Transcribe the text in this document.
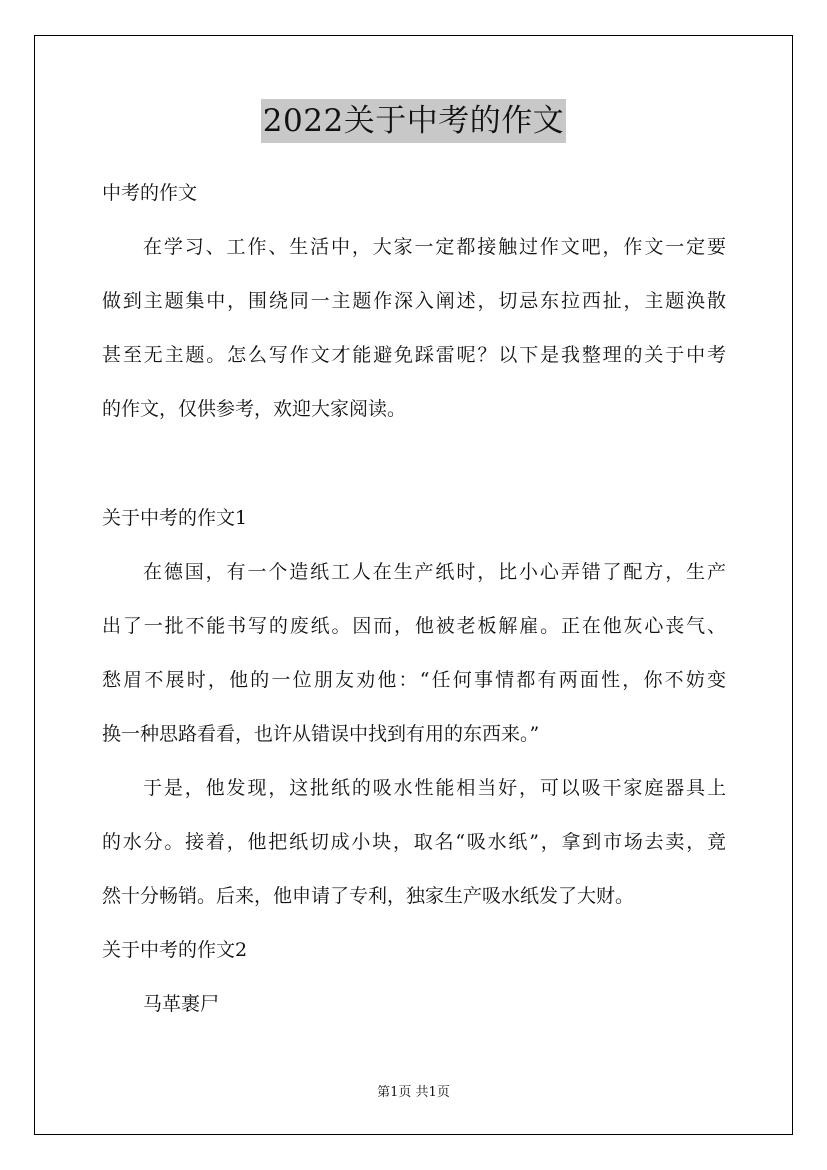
2022关于中考的作文
中考的作文
在学习、工作、生活中，大家一定都接触过作文吧，作文一定要
做到主题集中，围绕同一主题作深入阐述，切忌东拉西扯，主题涣散
甚至无主题。怎么写作文才能避免踩雷呢？以下是我整理的关于中考
的作文，仅供参考，欢迎大家阅读。
关于中考的作文1
在德国，有一个造纸工人在生产纸时，比小心弄错了配方，生产
出了一批不能书写的废纸。因而，他被老板解雇。正在他灰心丧气、
愁眉不展时，他的一位朋友劝他：“任何事情都有两面性，你不妨变
换一种思路看看，也许从错误中找到有用的东西来。”
于是，他发现，这批纸的吸水性能相当好，可以吸干家庭器具上
的水分。接着，他把纸切成小块，取名“吸水纸”，拿到市场去卖，竟
然十分畅销。后来，他申请了专利，独家生产吸水纸发了大财。
关于中考的作文2
马革裹尸
第1页 共1页
